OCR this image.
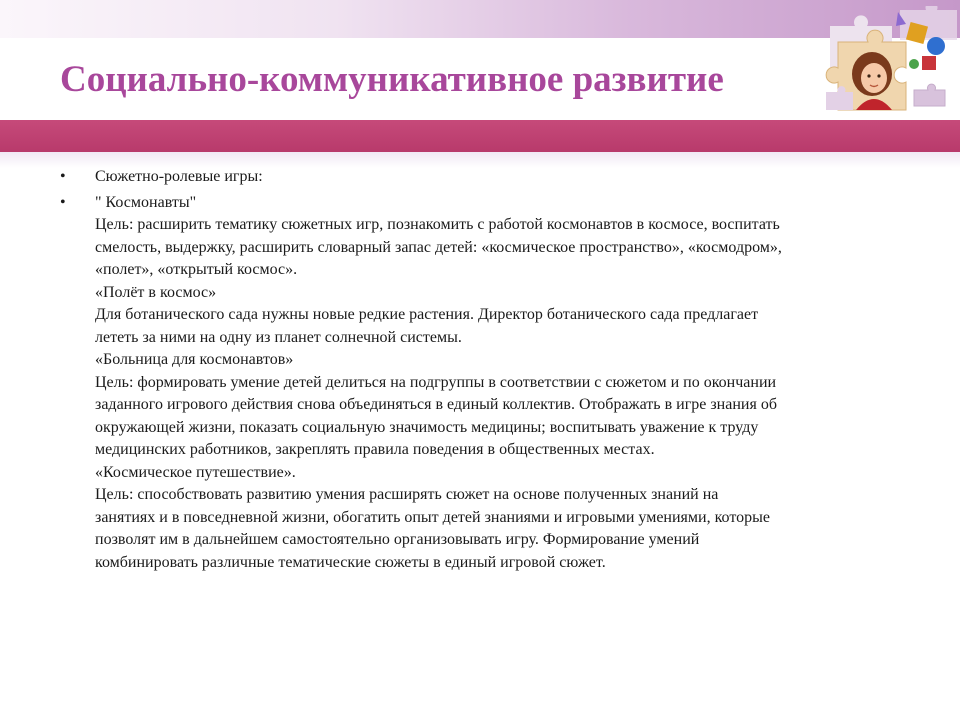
Социально-коммуникативное развитие
• Сюжетно-ролевые игры:
• " Космонавты"
Цель: расширить тематику сюжетных игр, познакомить с работой космонавтов в космосе, воспитать
смелость, выдержку, расширить словарный запас детей: «космическое пространство», «космодром»,
«полет», «открытый космос».
«Полёт в космос»
Для ботанического сада нужны новые редкие растения. Директор ботанического сада предлагает
лететь за ними на одну из планет солнечной системы.
«Больница для космонавтов»
Цель: формировать умение детей делиться на подгруппы в соответствии с сюжетом и по окончании
заданного игрового действия снова объединяться в единый коллектив. Отображать в игре знания об
окружающей жизни, показать социальную значимость медицины; воспитывать уважение к труду
медицинских работников, закреплять правила поведения в общественных местах.
«Космическое путешествие».
Цель: способствовать развитию умения расширять сюжет на основе полученных знаний на
занятиях и в повседневной жизни, обогатить опыт детей знаниями и игровыми умениями, которые
позволят им в дальнейшем самостоятельно организовывать игру. Формирование умений
комбинировать различные тематические сюжеты в единый игровой сюжет.
